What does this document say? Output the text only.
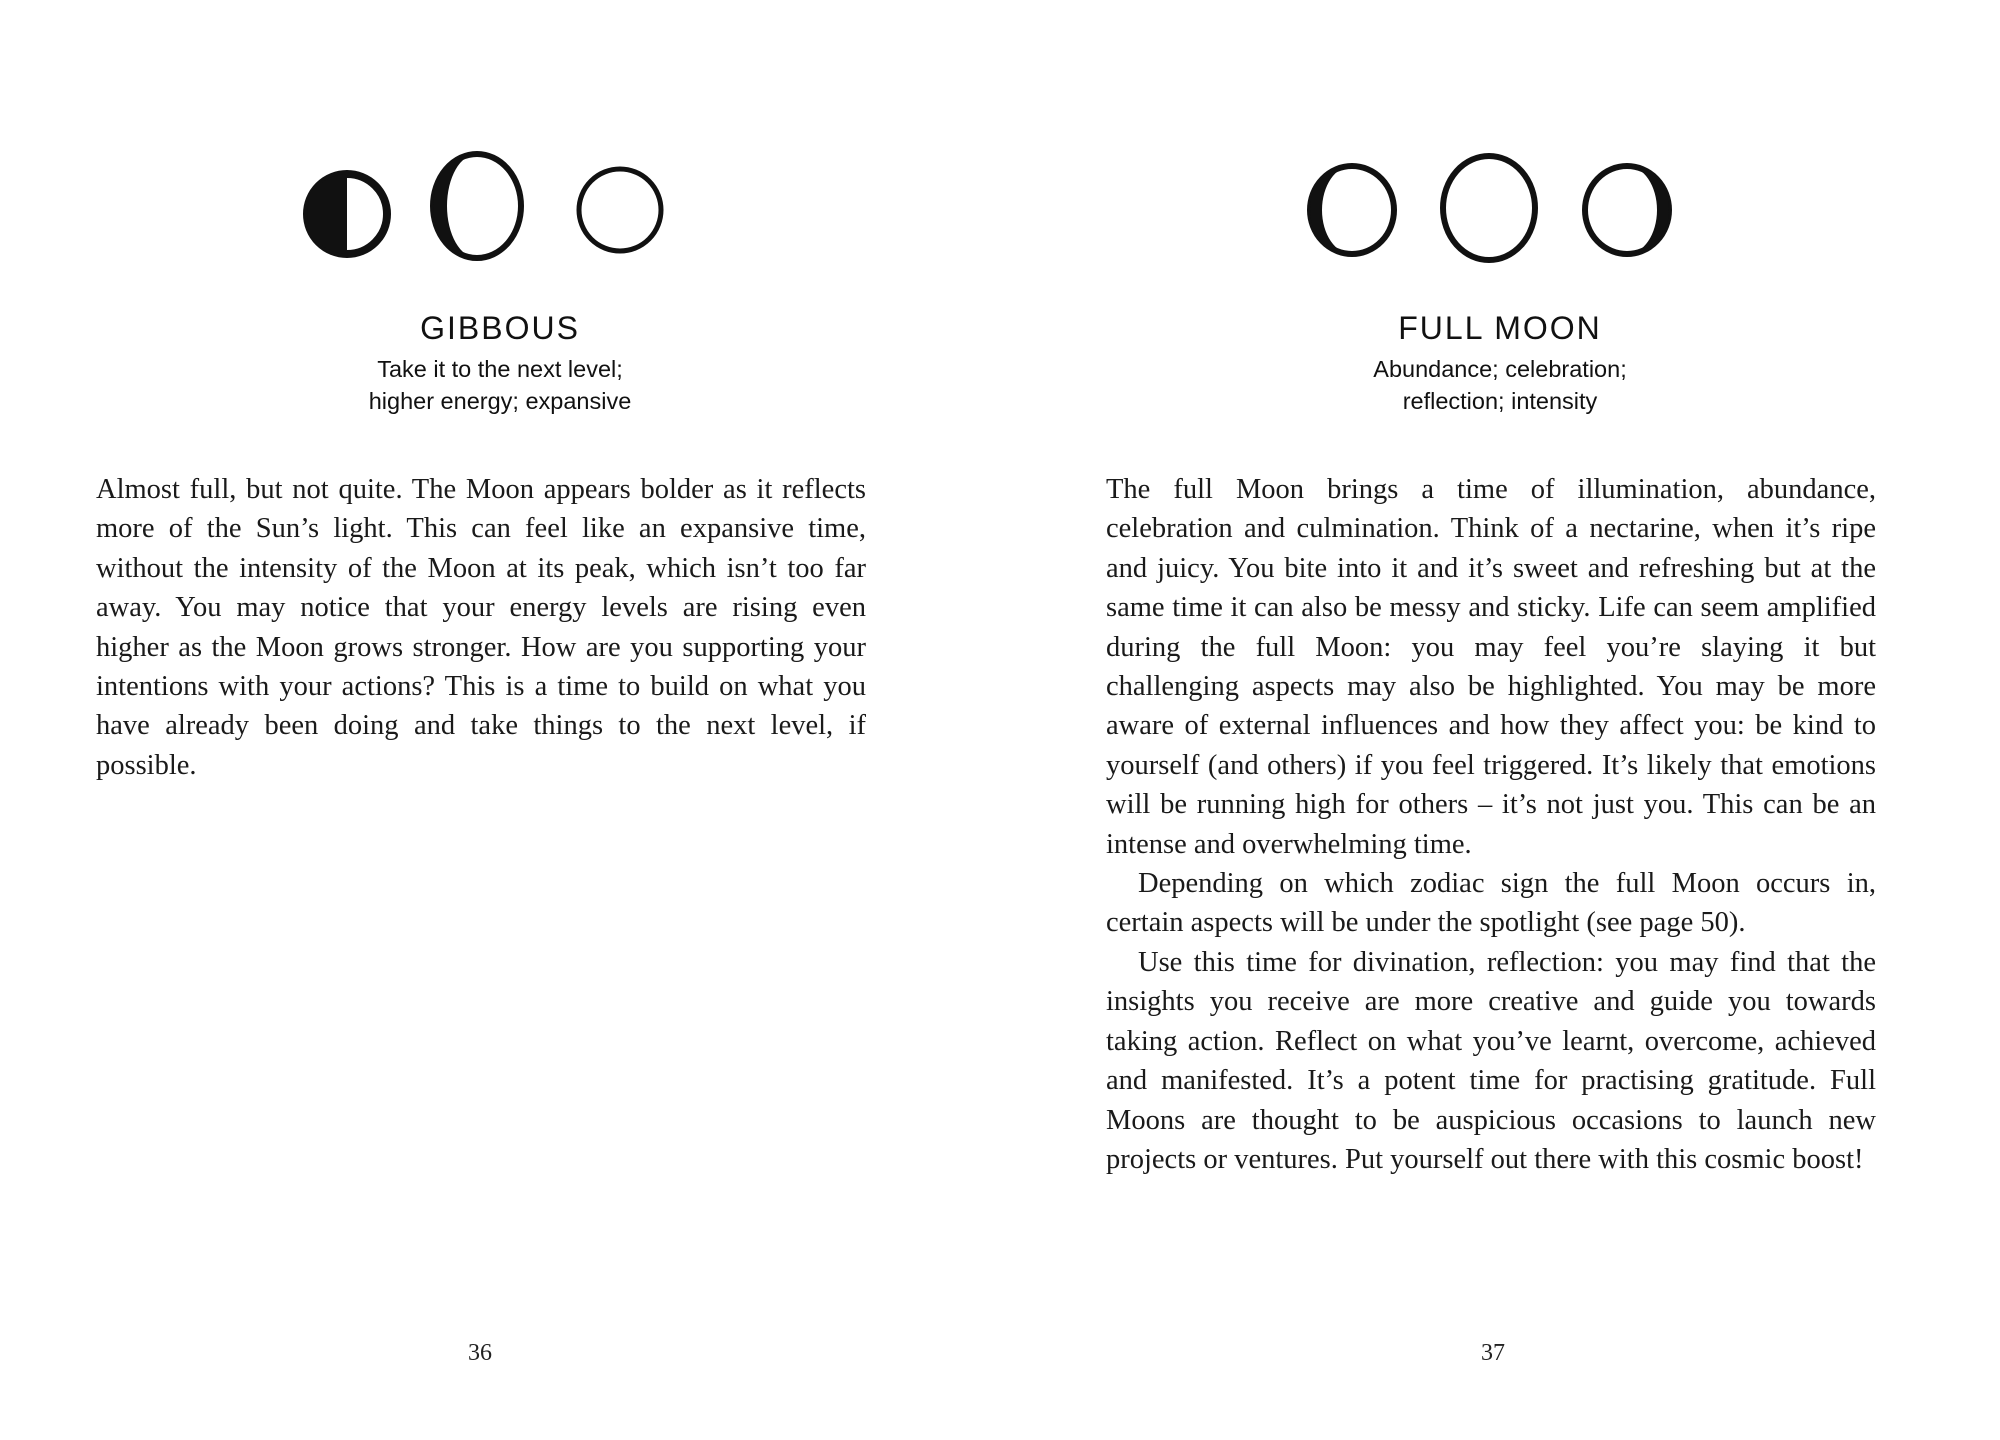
GIBBOUS
Take it to the next level;
higher energy; expansive

Almost full, but not quite. The Moon appears bolder as it reflects more of the Sun’s light. This can feel like an expansive time, without the intensity of the Moon at its peak, which isn’t too far away. You may notice that your energy levels are rising even higher as the Moon grows stronger. How are you supporting your intentions with your actions? This is a time to build on what you have already been doing and take things to the next level, if possible.

36
FULL MOON
Abundance; celebration;
reflection; intensity

The full Moon brings a time of illumination, abundance, celebration and culmination. Think of a nectarine, when it’s ripe and juicy. You bite into it and it’s sweet and refreshing but at the same time it can also be messy and sticky. Life can seem amplified during the full Moon: you may feel you’re slaying it but challenging aspects may also be highlighted. You may be more aware of external influences and how they affect you: be kind to yourself (and others) if you feel triggered. It’s likely that emotions will be running high for others – it’s not just you. This can be an intense and overwhelming time.

Depending on which zodiac sign the full Moon occurs in, certain aspects will be under the spotlight (see page 50).

Use this time for divination, reflection: you may find that the insights you receive are more creative and guide you towards taking action. Reflect on what you’ve learnt, overcome, achieved and manifested. It’s a potent time for practising gratitude. Full Moons are thought to be auspicious occasions to launch new projects or ventures. Put yourself out there with this cosmic boost!

37
